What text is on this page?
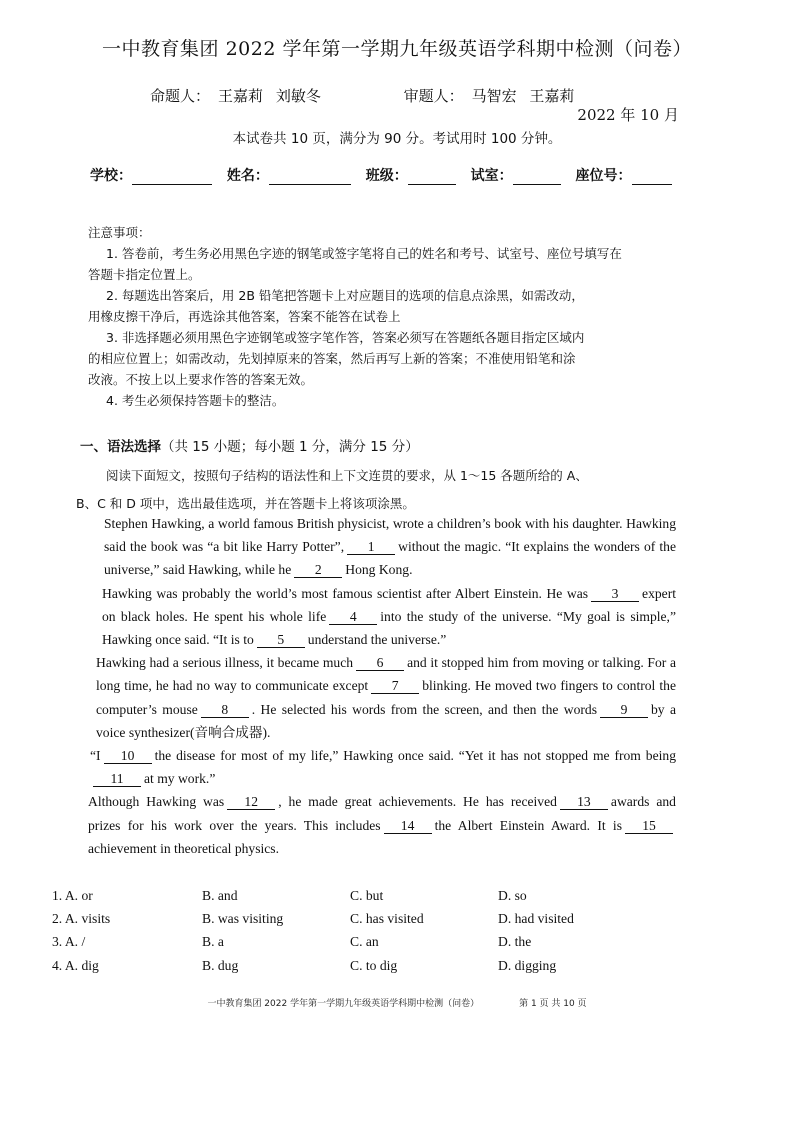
一中教育集团 2022 学年第一学期九年级英语学科期中检测（问卷）
命题人： 王嘉莉 刘敏冬	审题人： 马智宏 王嘉莉
2022 年 10 月
本试卷共 10 页，满分为 90 分。考试用时 100 分钟。
学校：	姓名：	班级：	试室：	座位号：

注意事项：

1. 答卷前，考生务必用黑色字迹的钢笔或签字笔将自己的姓名和考号、试室号、座位号填写在

答题卡指定位置上。

2. 每题选出答案后，用 2B 铅笔把答题卡上对应题目的选项的信息点涂黑，如需改动，

用橡皮擦干净后，再选涂其他答案，答案不能答在试卷上

3. 非选择题必须用黑色字迹钢笔或签字笔作答，答案必须写在答题纸各题目指定区域内

的相应位置上；如需改动，先划掉原来的答案，然后再写上新的答案；不准使用铅笔和涂

改液。不按上以上要求作答的答案无效。

4. 考生必须保持答题卡的整洁。

一、语法选择（共 15 小题；每小题 1 分，满分 15 分）
阅读下面短文，按照句子结构的语法性和上下文连贯的要求，从 1～15 各题所给的 A、
B、C 和 D 项中，选出最佳选项，并在答题卡上将该项涂黑。

Stephen Hawking, a world famous British physicist, wrote a children’s book with his daughter. Hawking said the book was “a bit like Harry Potter”, 1 without the magic. “It explains the wonders of the universe,” said Hawking, while he 2 Hong Kong.

Hawking was probably the world’s most famous scientist after Albert Einstein. He was 3 expert on black holes. He spent his whole life 4 into the study of the universe. “My goal is simple,” Hawking once said. “It is to 5 understand the universe.”

Hawking had a serious illness, it became much 6 and it stopped him from moving or talking. For a long time, he had no way to communicate except 7 blinking. He moved two fingers to control the computer’s mouse 8 . He selected his words from the screen, and then the words 9 by a voice synthesizer(音响合成器).

“I 10 the disease for most of my life,” Hawking once said. “Yet it has not stopped me from being11 at my work.”

Although Hawking was 12 , he made great achievements. He has received 13 awards and prizes for his work over the years. This includes 14 the Albert Einstein Award. It is 15achievement in theoretical physics.

1. A. or	B. and	C. but	D. so
2. A. visits	B. was visiting	C. has visited	D. had visited
3. A. /	B. a	C. an	D. the
4. A. dig	B. dug	C. to dig	D. digging
一中教育集团 2022 学年第一学期九年级英语学科期中检测（问卷）	第 1 页 共 10 页
